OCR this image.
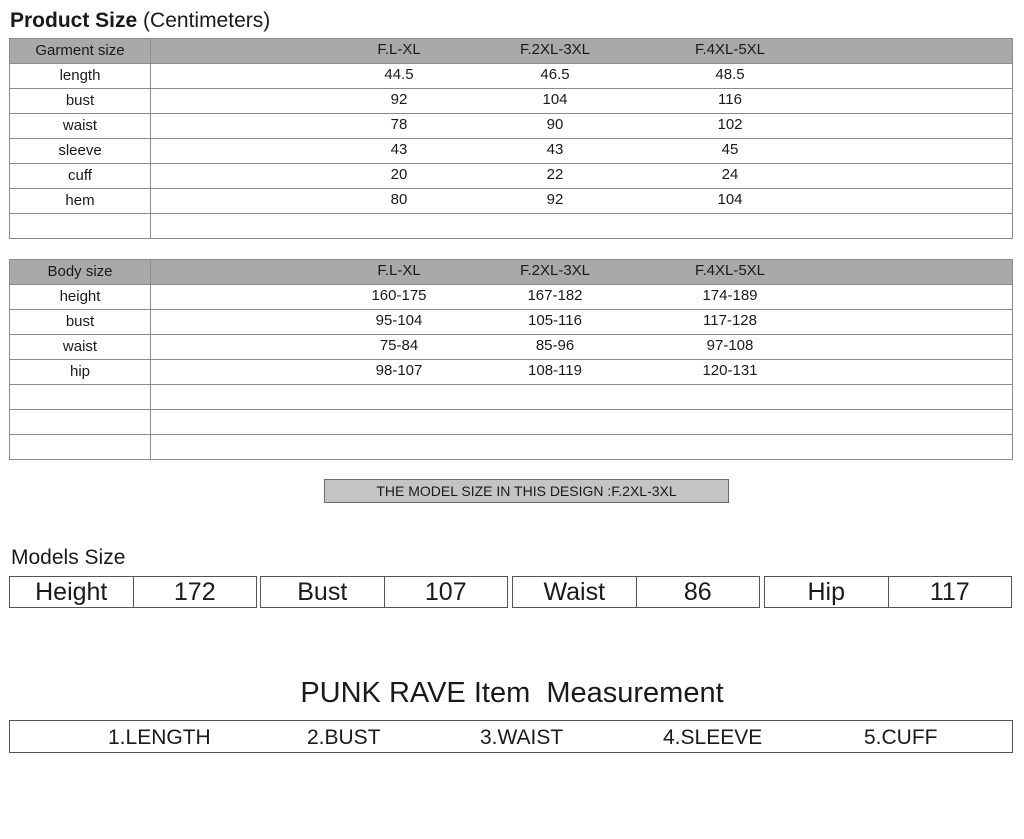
Product Size (Centimeters)
Garment size	F.L-XL F.2XL-3XL F.4XL-5XL

length	44.5 46.5 48.5

bust	92 104 116

waist	78 90 102

sleeve	43 43 45

cuff	20 22 24

hem	80 92 104

Body size	F.L-XL F.2XL-3XL F.4XL-5XL

height	160-175 167-182 174-189

bust	95-104 105-116 117-128

waist	75-84 85-96 97-108

hip	98-107 108-119 120-131

THE MODEL SIZE IN THIS DESIGN :F.2XL-3XL
Models Size
Height	172	Bust	107	Waist	86	Hip	117
PUNK RAVE Item  Measurement
1.LENGTH	2.BUST	3.WAIST	4.SLEEVE	5.CUFF
